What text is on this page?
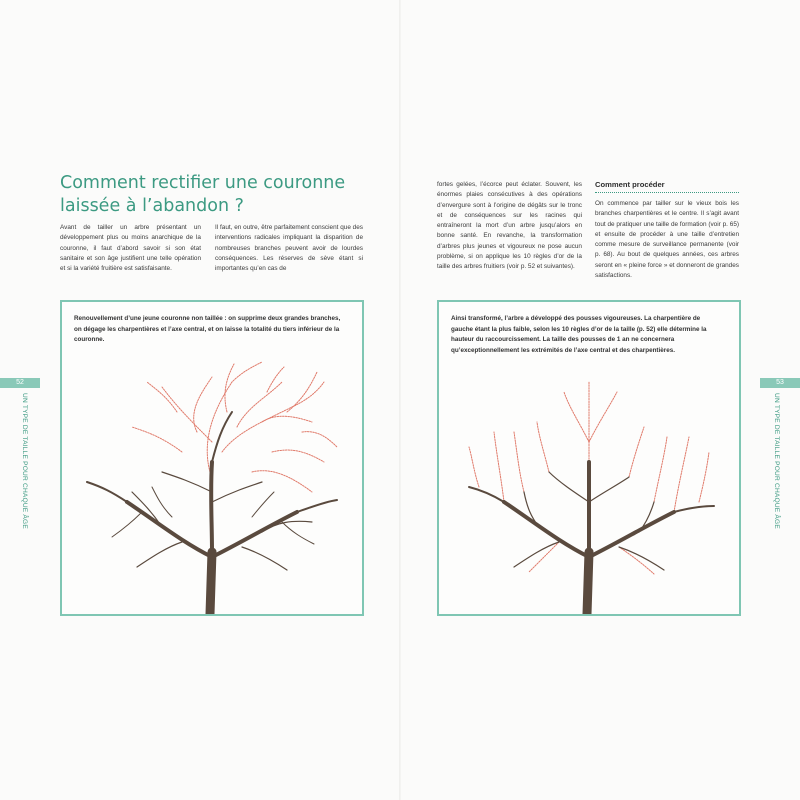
Comment rectifier une couronne laissée à l’abandon ?

Avant de tailler un arbre présentant un développement plus ou moins anarchique de la couronne, il faut d’abord savoir si son état sanitaire et son âge justifient une telle opération et si la variété fruitière est satisfaisante.

Il faut, en outre, être parfaitement conscient que des interventions radicales impliquant la disparition de nombreuses branches peuvent avoir de lourdes conséquences. Les réserves de sève étant si importantes qu’en cas de

Renouvellement d’une jeune couronne non taillée : on supprime deux grandes branches, on dégage les charpentières et l’axe central, et on laisse la totalité du tiers inférieur de la couronne.

52
UN TYPE DE TAILLE POUR CHAQUE ÂGE

fortes gelées, l’écorce peut éclater. Souvent, les énormes plaies consécutives à des opérations d’envergure sont à l’origine de dégâts sur le tronc et de conséquences sur les racines qui entraîneront la mort d’un arbre jusqu’alors en bonne santé. En revanche, la transformation d’arbres plus jeunes et vigoureux ne pose aucun problème, si on applique les 10 règles d’or de la taille des arbres fruitiers (voir p. 52 et suivantes).

Comment procéder

On commence par tailler sur le vieux bois les branches charpentières et le centre. Il s’agit avant tout de pratiquer une taille de formation (voir p. 65) et ensuite de procéder à une taille d’entretien comme mesure de surveillance permanente (voir p. 68). Au bout de quelques années, ces arbres seront en « pleine force » et donneront de grandes satisfactions.

Ainsi transformé, l’arbre a développé des pousses vigoureuses. La charpentière de gauche étant la plus faible, selon les 10 règles d’or de la taille (p. 52) elle détermine la hauteur du raccourcissement. La taille des pousses de 1 an ne concernera qu’exceptionnellement les extrémités de l’axe central et des charpentières.

53
UN TYPE DE TAILLE POUR CHAQUE ÂGE
